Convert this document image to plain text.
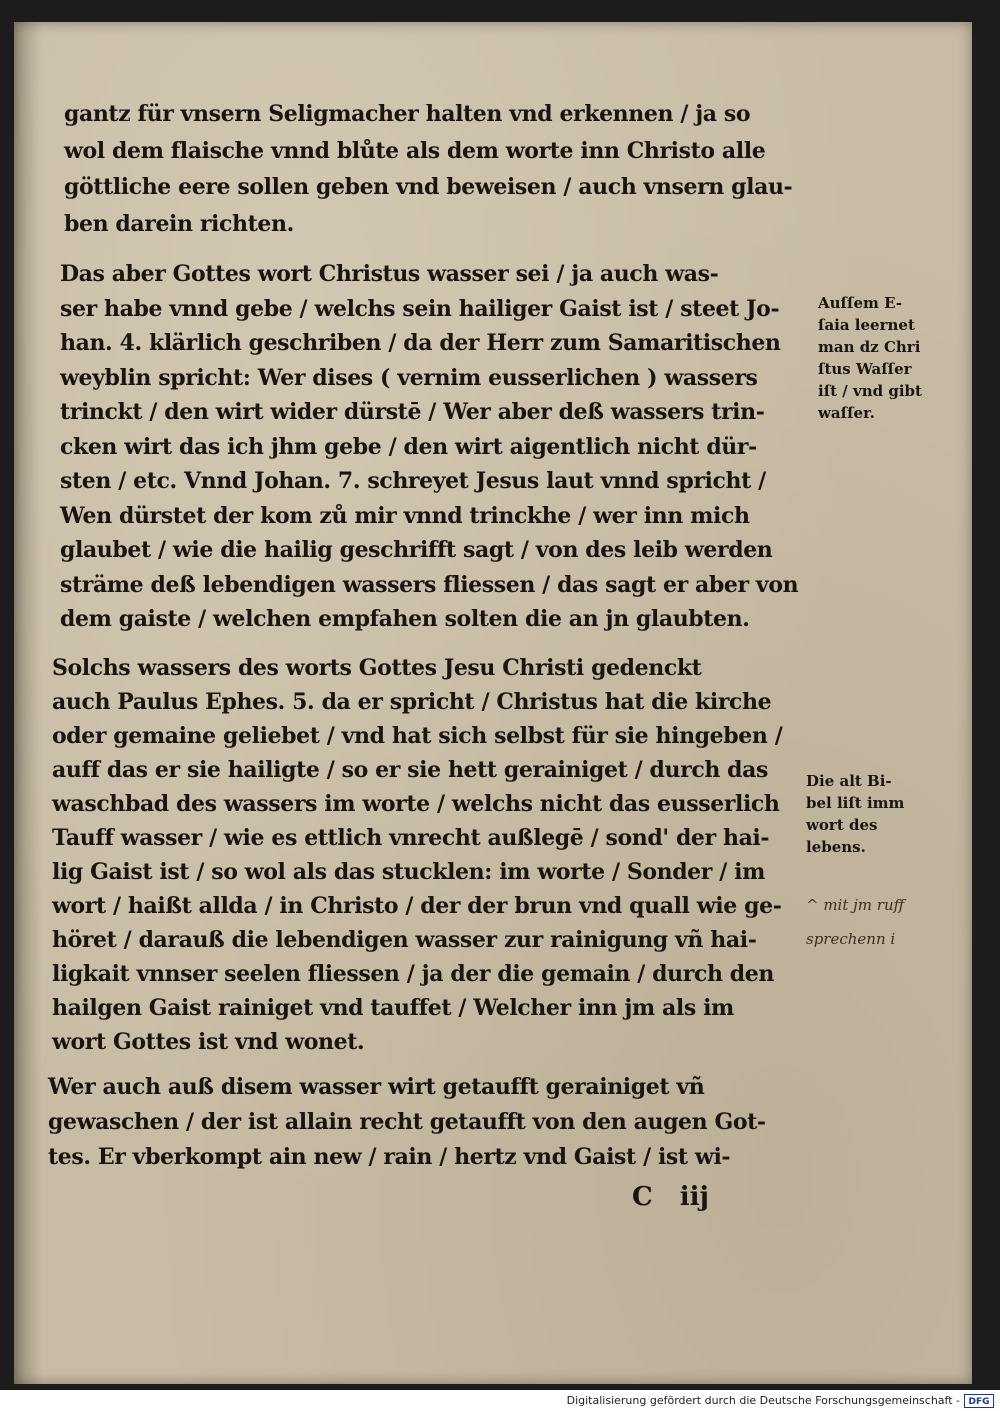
gantz für vnsern Seligmacher halten vnd erkennen / ja so
wol dem flaische vnnd blůte als dem worte inn Christo alle
göttliche eere sollen geben vnd beweisen / auch vnsern glau-
ben darein richten.

Das aber Gottes wort Christus wasser sei / ja auch was-
ser habe vnnd gebe / welchs sein hailiger Gaist ist / steet Jo-
han. 4. klärlich geschriben / da der Herr zum Samaritischen
weyblin spricht: Wer dises ( vernim eusserlichen ) wassers
trinckt / den wirt wider dürstē / Wer aber deß wassers trin-
cken wirt das ich jhm gebe / den wirt aigentlich nicht dür-
sten / etc. Vnnd Johan. 7. schreyet Jesus laut vnnd spricht /
Wen dürstet der kom zů mir vnnd trinckhe / wer inn mich
glaubet / wie die hailig geschrifft sagt / von des leib werden
sträme deß lebendigen wassers fliessen / das sagt er aber von
dem gaiste / welchen empfahen solten die an jn glaubten.

Auſſem E-
ſaia leernet
man dz Chri
ſtus Waſſer
iſt / vnd gibt
waſſer.

Solchs wassers des worts Gottes Jesu Christi gedenckt
auch Paulus Ephes. 5. da er spricht / Christus hat die kirche
oder gemaine geliebet / vnd hat sich selbst für sie hingeben /
auff das er sie hailigte / so er sie hett gerainiget / durch das
waschbad des wassers im worte / welchs nicht das eusserlich
Tauff wasser / wie es ettlich vnrecht außlegē / sond' der hai-
lig Gaist ist / so wol als das stucklen: im worte / Sonder / im
wort / haißt allda / in Christo / der der brun vnd quall wie ge-
höret / darauß die lebendigen wasser zur rainigung vñ hai-
ligkait vnnser seelen fliessen / ja der die gemain / durch den
hailgen Gaist rainiget vnd tauffet / Welcher inn jm als im
wort Gottes ist vnd wonet.

Die alt Bi-
bel liſt imm
wort des
lebens.

^ mit jm ruff
sprechenn i

Wer auch auß disem wasser wirt getaufft gerainiget vñ
gewaschen / der ist allain recht getaufft von den augen Got-
tes. Er vberkompt ain new / rain / hertz vnd Gaist / ist wi-

C iij
Digitalisierung gefördert durch die Deutsche Forschungsgemeinschaft - DFG
